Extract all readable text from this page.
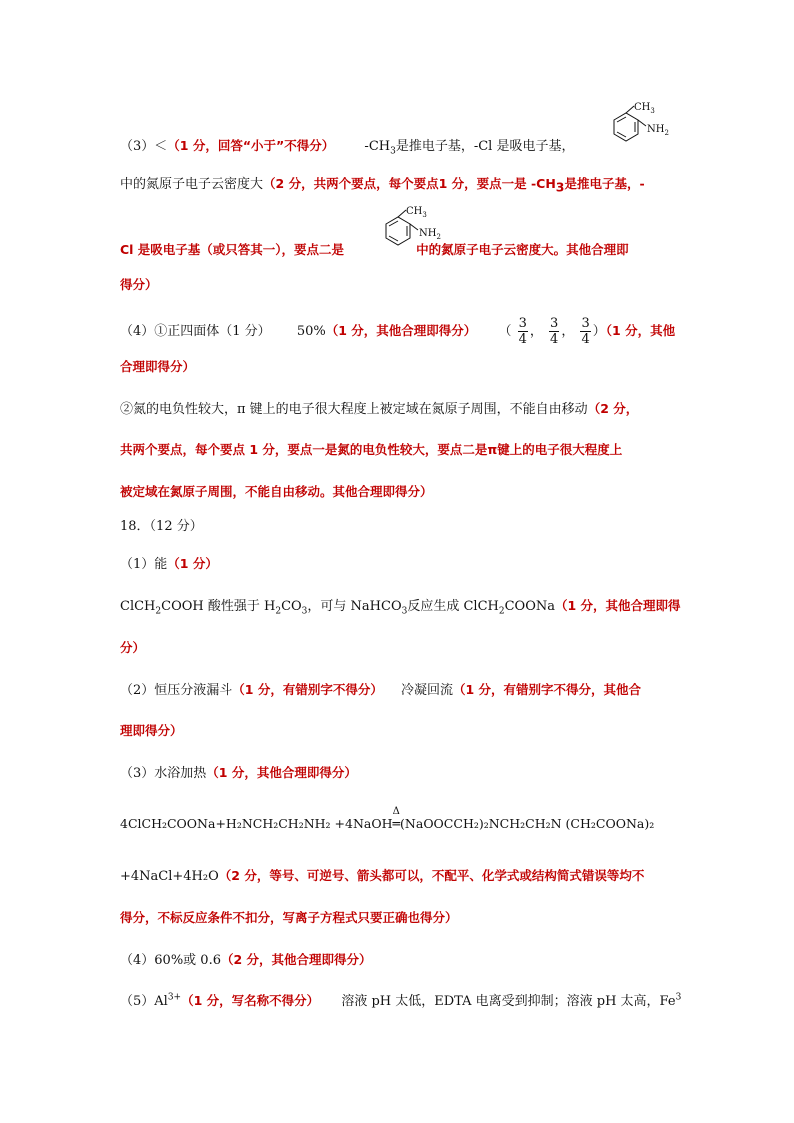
$CH_3$
$NH_2$
$CH_3$
$NH_2$
（3）＜（1 分，回答“小于”不得分） $-CH_3$是推电子基，-Cl 是吸电子基，
中的氮原子电子云密度大（2 分，共两个要点，每个要点1 分，要点一是 $-CH_3$是推电子基，-
Cl 是吸电子基（或只答其一），要点二是	中的氮原子电子云密度大。其他合理即
得分）
（4）①正四面体（1 分） 50%（1 分，其他合理即得分） （ $\frac{3}{4}$ ， $\frac{3}{4}$ ， $\frac{3}{4} )(1$ 分，其他
合理即得分）
②氮的电负性较大，π 键上的电子很大程度上被定域在氮原子周围，不能自由移动（2 分，
共两个要点，每个要点 1 分，要点一是氮的电负性较大，要点二是π键上的电子很大程度上
被定域在氮原子周围，不能自由移动。其他合理即得分）
18．（12 分）
（1）能（1 分）
ClCH$_2$COOH 酸性强于 $H_2CO_3$，可与 NaHCO$_3$反应生成 ClCH$_2$COONa（1 分，其他合理即得
分）
（2）恒压分液漏斗（1 分，有错别字不得分） 冷凝回流（1 分，有错别字不得分，其他合
理即得分）
（3）水浴加热（1 分，其他合理即得分）
4ClCH₂COONa+H₂NCH₂CH₂NH₂ +4NaOH
Δ
═(NaOOCCH₂)₂NCH₂CH₂N (CH₂COONa)₂
+4NaCl+4H₂O（2 分，等号、可逆号、箭头都可以，不配平、化学式或结构简式错误等均不
得分，不标反应条件不扣分，写离子方程式只要正确也得分）
（4）60%或 0.6（2 分，其他合理即得分）
$(5)Al^{3+}(1$ 分，写名称不得分） 溶液 pH 太低，EDTA 电离受到抑制；溶液 pH 太高，Fe$^3$
